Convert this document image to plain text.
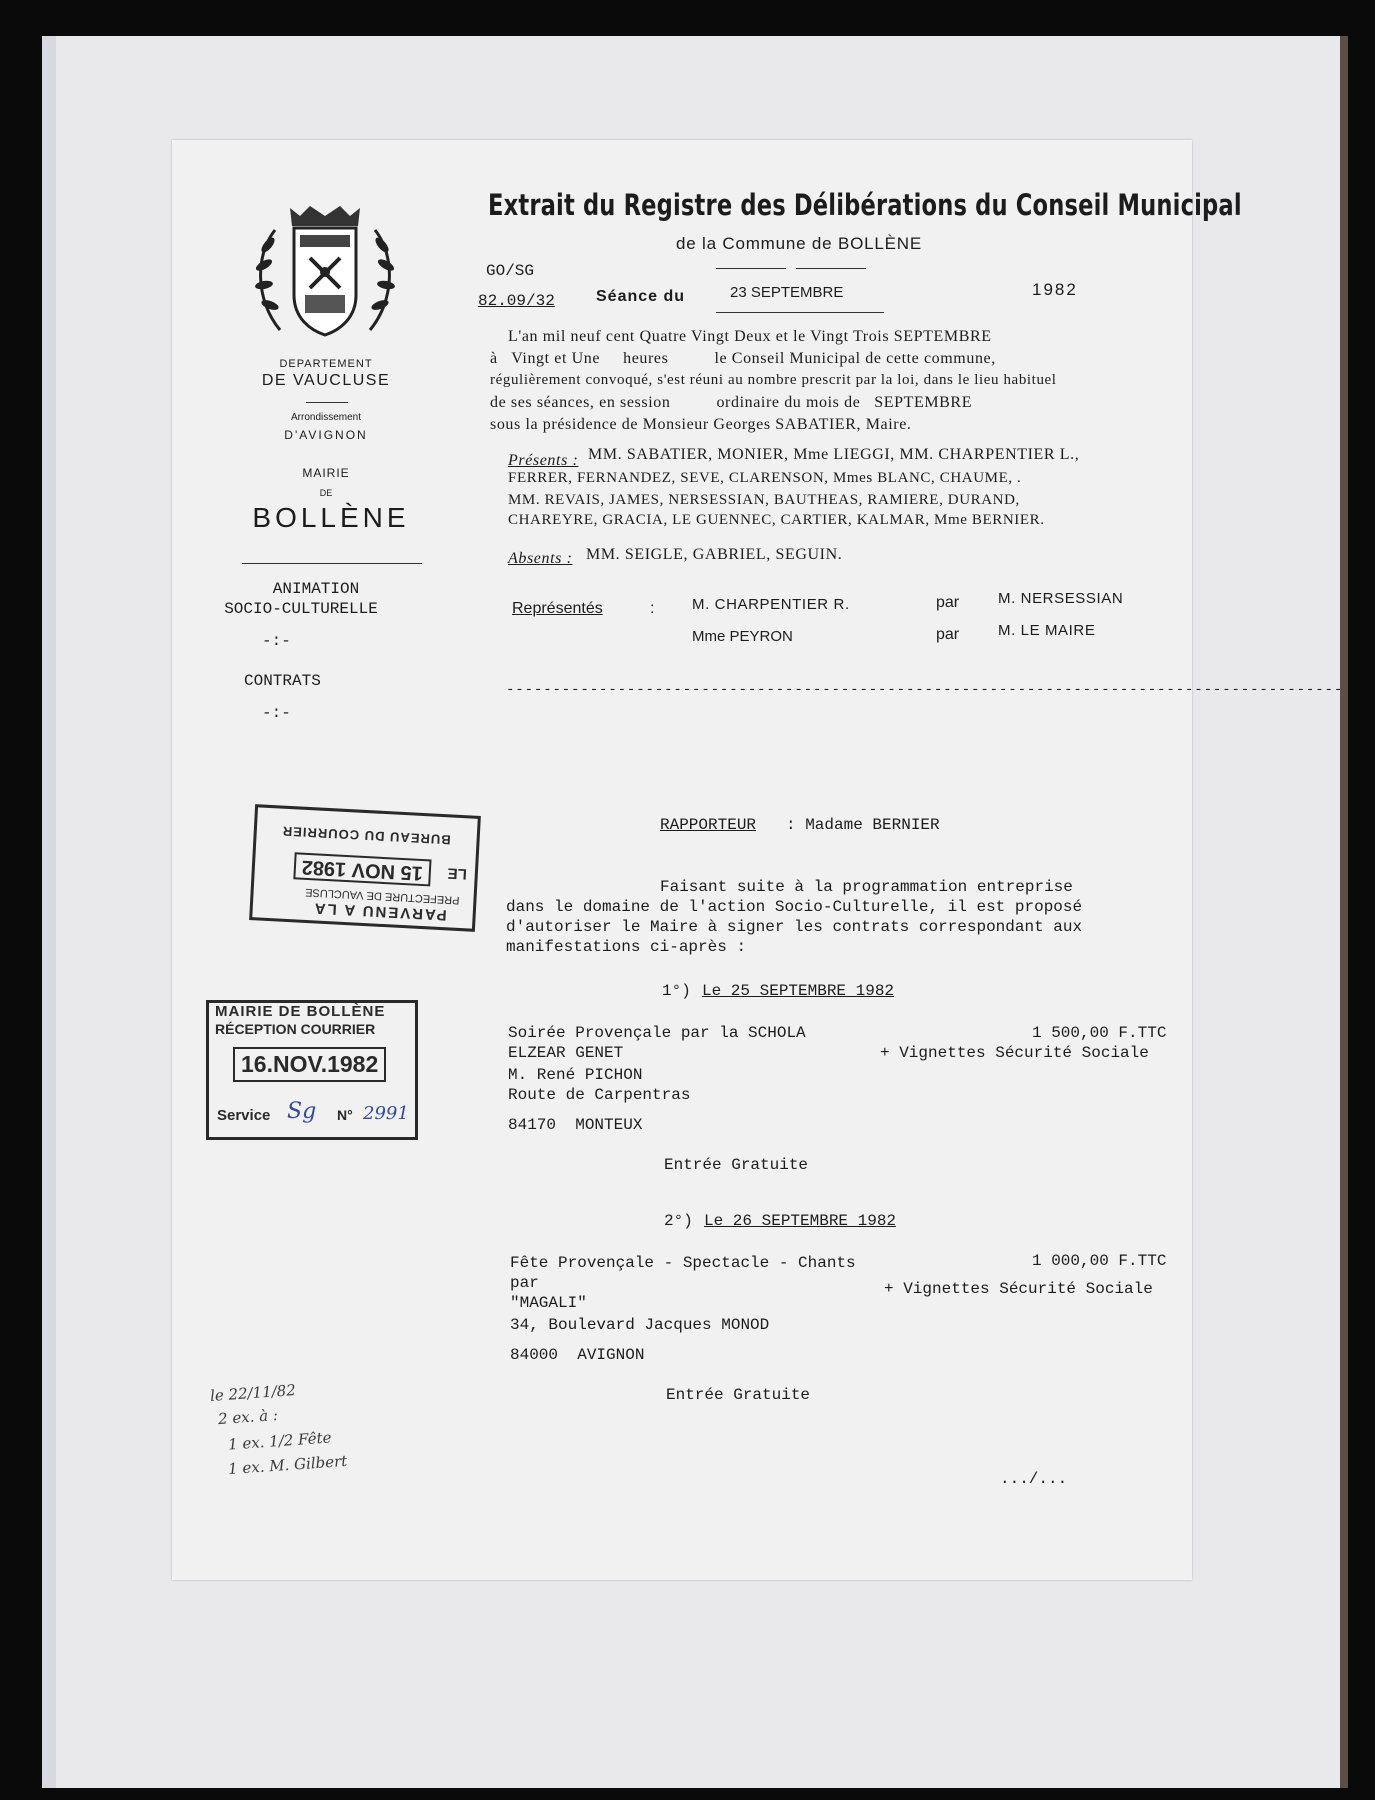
DEPARTEMENT
DE VAUCLUSE
Arrondissement
D'AVIGNON
MAIRIE
DE
BOLLÈNE
ANIMATION
SOCIO-CULTURELLE
-:-
CONTRATS
-:-
Extrait du Registre des Délibérations du Conseil Municipal
de la Commune de BOLLÈNE
GO/SG
82.09/32	Séance du	23 SEPTEMBRE	1982
L'an mil neuf cent Quatre Vingt Deux et le Vingt Trois SEPTEMBRE
à   Vingt et Une     heures          le Conseil Municipal de cette commune,
régulièrement convoqué, s'est réuni au nombre prescrit par la loi, dans le lieu habituel
de ses séances, en session          ordinaire du mois de   SEPTEMBRE
sous la présidence de Monsieur Georges SABATIER, Maire.
Présents : MM. SABATIER, MONIER, Mme LIEGGI, MM. CHARPENTIER L.,
FERRER, FERNANDEZ, SEVE, CLARENSON, Mmes BLANC, CHAUME, .
MM. REVAIS, JAMES, NERSESSIAN, BAUTHEAS, RAMIERE, DURAND,
CHAREYRE, GRACIA, LE GUENNEC, CARTIER, KALMAR, Mme BERNIER.
Absents : MM. SEIGLE, GABRIEL, SEGUIN.
Représentés	:	M. CHARPENTIER R.	par	M. NERSESSIAN
Mme PEYRON	par	M. LE MAIRE
------------------------------------------------------------------------------------------
RAPPORTEUR : Madame BERNIER
Faisant suite à la programmation entreprise
dans le domaine de l'action Socio-Culturelle, il est proposé
d'autoriser le Maire à signer les contrats correspondant aux
manifestations ci-après :
1°) Le 25 SEPTEMBRE 1982
Soirée Provençale par la SCHOLA
ELZEAR GENET
M. René PICHON
Route de Carpentras
84170  MONTEUX
1 500,00 F.TTC
+ Vignettes Sécurité Sociale
Entrée Gratuite
2°) Le 26 SEPTEMBRE 1982
Fête Provençale - Spectacle - Chants
par
"MAGALI"
34, Boulevard Jacques MONOD
84000  AVIGNON
1 000,00 F.TTC
+ Vignettes Sécurité Sociale
Entrée Gratuite
.../...
PARVENU A LA
PREFECTURE DE VAUCLUSE
LE
15 NOV 1982
BUREAU DU COURRIER
MAIRIE DE BOLLÈNE
RÉCEPTION COURRIER
16.NOV.1982
Service Sg N° 2991
le 22/11/82
2 ex. à :
1 ex. 1/2 Fête
1 ex. M. Gilbert
